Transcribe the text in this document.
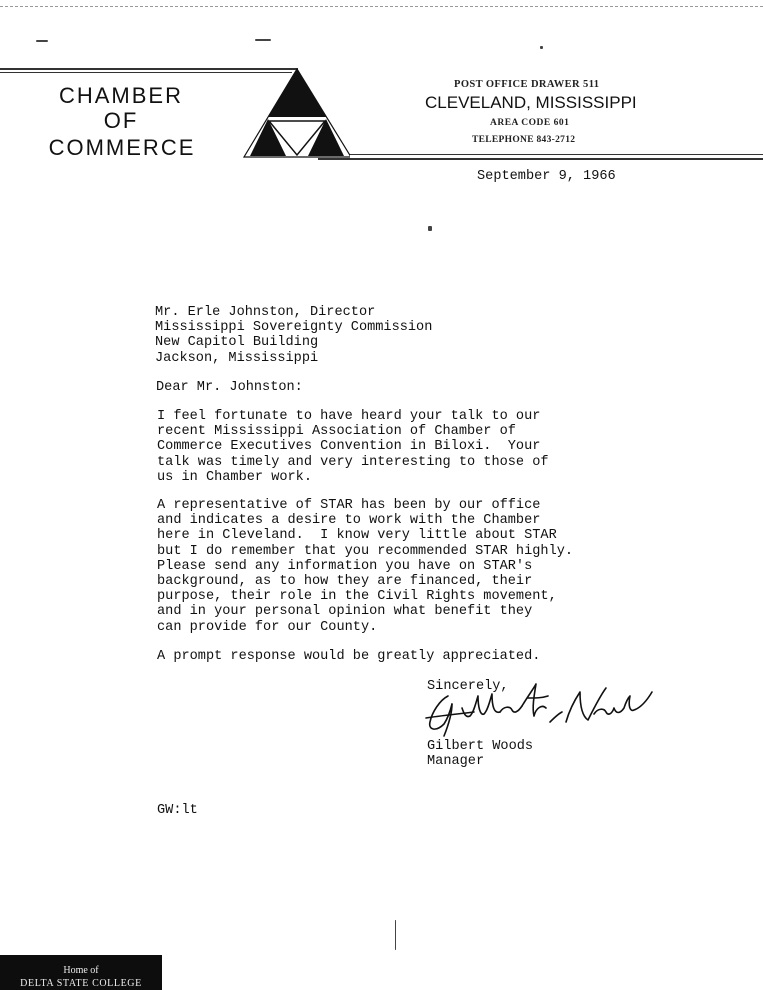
CHAMBER
OF
COMMERCE
POST OFFICE DRAWER 511
CLEVELAND, MISSISSIPPI
AREA CODE 601
TELEPHONE 843-2712
September 9, 1966
Mr. Erle Johnston, Director
Mississippi Sovereignty Commission
New Capitol Building
Jackson, Mississippi
Dear Mr. Johnston:
I feel fortunate to have heard your talk to our
recent Mississippi Association of Chamber of
Commerce Executives Convention in Biloxi.  Your
talk was timely and very interesting to those of
us in Chamber work.
A representative of STAR has been by our office
and indicates a desire to work with the Chamber
here in Cleveland.  I know very little about STAR
but I do remember that you recommended STAR highly.
Please send any information you have on STAR's
background, as to how they are financed, their
purpose, their role in the Civil Rights movement,
and in your personal opinion what benefit they
can provide for our County.
A prompt response would be greatly appreciated.
Sincerely,
Gilbert Woods
Manager
GW:lt
Home of
DELTA STATE COLLEGE
